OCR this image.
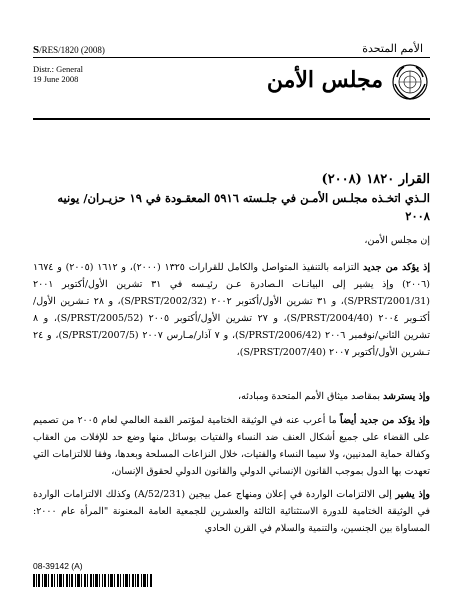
S/RES/1820 (2008)	الأمم المتحدة
Distr.: General
19 June 2008	مجلس الأمن
القرار ١٨٢٠ (٢٠٠٨)
الـذي اتخـذه مجلـس الأمـن في جلـسته ٥٩١٦ المعقـودة في ١٩ حزيـران/ يونيه ٢٠٠٨
إن مجلس الأمن،
إذ يؤكد من جديد التزامه بالتنفيذ المتواصل والكامل للقرارات ١٣٢٥ (٢٠٠٠)، و ١٦١٢ (٢٠٠٥) و ١٦٧٤ (٢٠٠٦) وإذ يشير إلى البيانـات الـصادرة عـن رئيـسه في ٣١ تشرين الأول/أكتوبر ٢٠٠١ (S/PRST/2001/31)، و ٣١ تشرين الأول/أكتوبر ٢٠٠٢ (S/PRST/2002/32)، و ٢٨ تـشرين الأول/أكتـوبر ٢٠٠٤ (S/PRST/2004/40)، و ٢٧ تشرين الأول/أكتوبر ٢٠٠٥ (S/PRST/2005/52)، و ٨ تشرين الثاني/نوفمبر ٢٠٠٦ (S/PRST/2006/42)، و ٧ آذار/مـارس ٢٠٠٧ (S/PRST/2007/5)، و ٢٤ تـشرين الأول/أكتوبر ٢٠٠٧ (S/PRST/2007/40)،
وإذ يسترشد بمقاصد ميثاق الأمم المتحدة ومبادئه،
وإذ يؤكد من جديد أيضاً ما أعرب عنه في الوثيقة الختامية لمؤتمر القمة العالمي لعام ٢٠٠٥ من تصميم على القضاء على جميع أشكال العنف ضد النساء والفتيات بوسائل منها وضع حد للإفلات من العقاب وكفالة حماية المدنيين، ولا سيما النساء والفتيات، خلال النزاعات المسلحة وبعدها، وفقا للالتزامات التي تعهدت بها الدول بموجب القانون الإنساني الدولي والقانون الدولي لحقوق الإنسان،
وإذ يشير إلى الالتزامات الواردة في إعلان ومنهاج عمل بيجين (A/52/231) وكذلك الالتزامات الواردة في الوثيقة الختامية للدورة الاستثنائية الثالثة والعشرين للجمعية العامة المعنونة "المرأة عام ٢٠٠٠: المساواة بين الجنسين، والتنمية والسلام في القرن الحادي
08-39142 (A)
